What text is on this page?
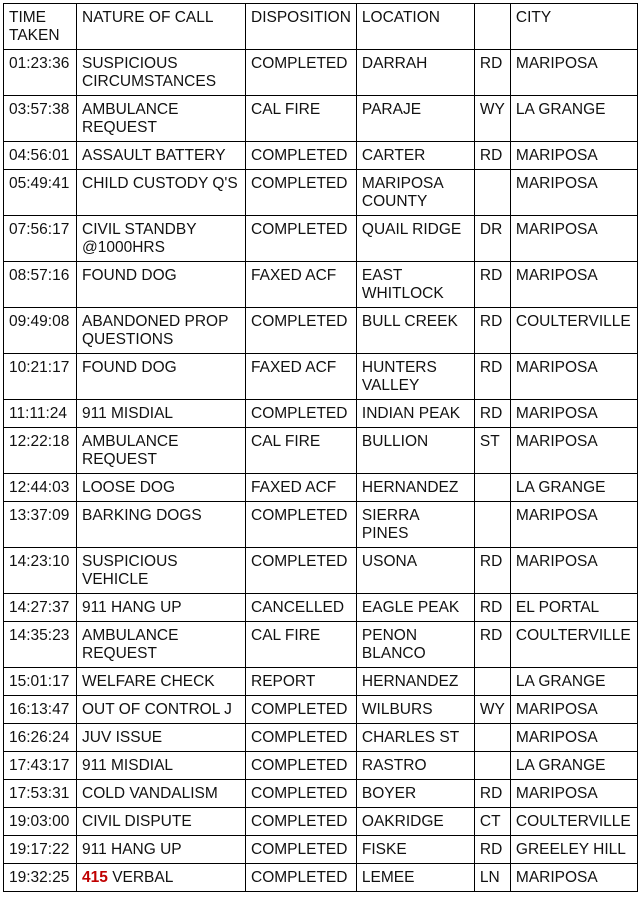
TIME TAKEN	NATURE OF CALL	DISPOSITION	LOCATION		CITY
01:23:36	SUSPICIOUS CIRCUMSTANCES	COMPLETED	DARRAH	RD	MARIPOSA
03:57:38	AMBULANCE REQUEST	CAL FIRE	PARAJE	WY	LA GRANGE
04:56:01	ASSAULT BATTERY	COMPLETED	CARTER	RD	MARIPOSA
05:49:41	CHILD CUSTODY Q'S	COMPLETED	MARIPOSA COUNTY		MARIPOSA
07:56:17	CIVIL STANDBY @1000HRS	COMPLETED	QUAIL RIDGE	DR	MARIPOSA
08:57:16	FOUND DOG	FAXED ACF	EAST WHITLOCK	RD	MARIPOSA
09:49:08	ABANDONED PROP QUESTIONS	COMPLETED	BULL CREEK	RD	COULTERVILLE
10:21:17	FOUND DOG	FAXED ACF	HUNTERS VALLEY	RD	MARIPOSA
11:11:24	911 MISDIAL	COMPLETED	INDIAN PEAK	RD	MARIPOSA
12:22:18	AMBULANCE REQUEST	CAL FIRE	BULLION	ST	MARIPOSA
12:44:03	LOOSE DOG	FAXED ACF	HERNANDEZ		LA GRANGE
13:37:09	BARKING DOGS	COMPLETED	SIERRA PINES		MARIPOSA
14:23:10	SUSPICIOUS VEHICLE	COMPLETED	USONA	RD	MARIPOSA
14:27:37	911 HANG UP	CANCELLED	EAGLE PEAK	RD	EL PORTAL
14:35:23	AMBULANCE REQUEST	CAL FIRE	PENON BLANCO	RD	COULTERVILLE
15:01:17	WELFARE CHECK	REPORT	HERNANDEZ		LA GRANGE
16:13:47	OUT OF CONTROL J	COMPLETED	WILBURS	WY	MARIPOSA
16:26:24	JUV ISSUE	COMPLETED	CHARLES ST		MARIPOSA
17:43:17	911 MISDIAL	COMPLETED	RASTRO		LA GRANGE
17:53:31	COLD VANDALISM	COMPLETED	BOYER	RD	MARIPOSA
19:03:00	CIVIL DISPUTE	COMPLETED	OAKRIDGE	CT	COULTERVILLE
19:17:22	911 HANG UP	COMPLETED	FISKE	RD	GREELEY HILL
19:32:25	415 VERBAL	COMPLETED	LEMEE	LN	MARIPOSA
